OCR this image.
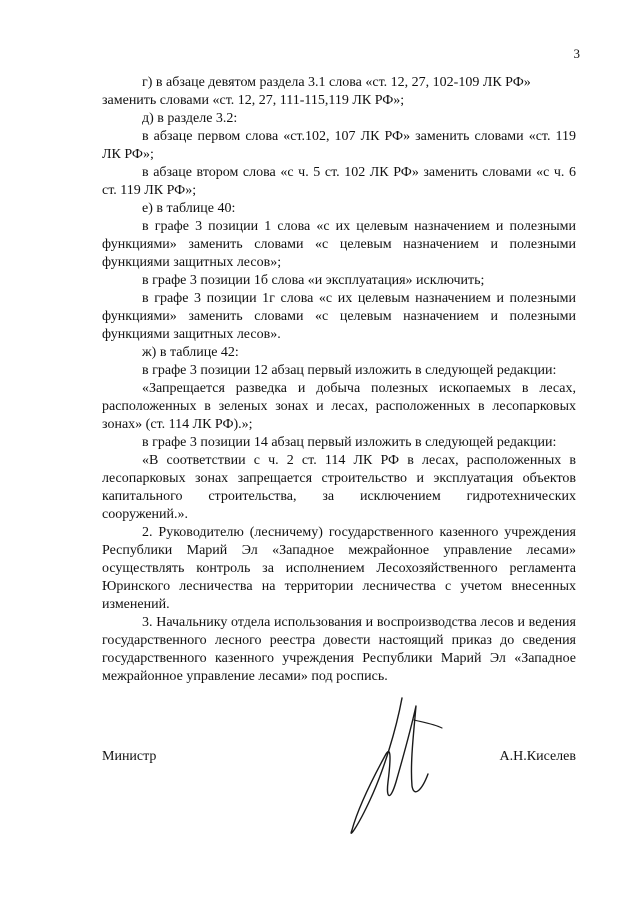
3

г) в абзаце девятом раздела 3.1 слова «ст. 12, 27, 102-109 ЛК РФ» заменить словами «ст. 12, 27, 111-115,119 ЛК РФ»;

д) в разделе 3.2:

в абзаце первом слова «ст.102, 107 ЛК РФ» заменить словами «ст. 119 ЛК РФ»;

в абзаце втором слова «с ч. 5 ст. 102 ЛК РФ» заменить словами «с ч. 6 ст. 119 ЛК РФ»;

е) в таблице 40:

в графе 3 позиции 1 слова «с их целевым назначением и полезными функциями» заменить словами «с целевым назначением и полезными функциями защитных лесов»;

в графе 3 позиции 1б слова «и эксплуатация» исключить;

в графе 3 позиции 1г слова «с их целевым назначением и полезными функциями» заменить словами «с целевым назначением и полезными функциями защитных лесов».

ж) в таблице 42:

в графе 3 позиции 12 абзац первый изложить в следующей редакции:

«Запрещается разведка и добыча полезных ископаемых в лесах, расположенных в зеленых зонах и лесах, расположенных в лесопарковых зонах» (ст. 114 ЛК РФ).»;

в графе 3 позиции 14 абзац первый изложить в следующей редакции:

«В соответствии с ч. 2 ст. 114 ЛК РФ в лесах, расположенных в лесопарковых зонах запрещается строительство и эксплуатация объектов капитального строительства, за исключением гидротехнических сооружений.».

2. Руководителю (лесничему) государственного казенного учреждения Республики Марий Эл «Западное межрайонное управление лесами» осуществлять контроль за исполнением Лесохозяйственного регламента Юринского лесничества на территории лесничества с учетом внесенных изменений.

3. Начальнику отдела использования и воспроизводства лесов и ведения государственного лесного реестра довести настоящий приказ до сведения государственного казенного учреждения Республики Марий Эл «Западное межрайонное управление лесами» под роспись.

Министр	А.Н.Киселев
